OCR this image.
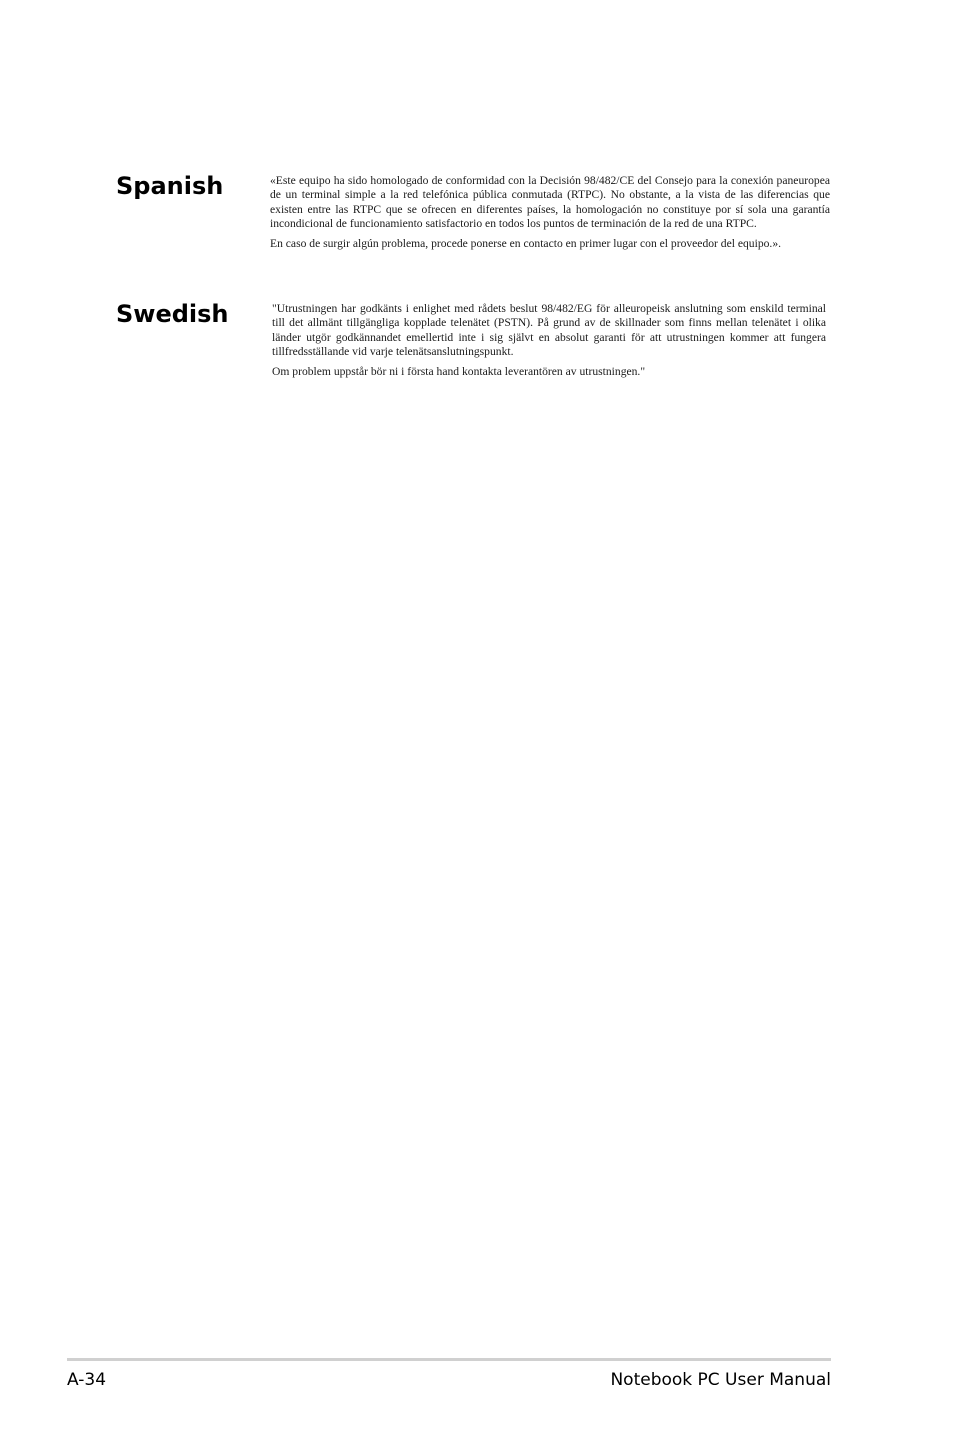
Spanish	«Este equipo ha sido homologado de conformidad con la Decisión 98/482/CE del Consejo para la conexión paneuropea de un terminal simple a la red telefónica pública conmutada (RTPC). No obstante, a la vista de las diferencias que existen entre las RTPC que se ofrecen en diferentes países, la homologación no constituye por sí sola una garantía incondicional de funcionamiento satisfactorio en todos los puntos de terminación de la red de una RTPC.

En caso de surgir algún problema, procede ponerse en contacto en primer lugar con el proveedor del equipo.».

Swedish	"Utrustningen har godkänts i enlighet med rådets beslut 98/482/EG för alleuropeisk anslutning som enskild terminal till det allmänt tillgängliga kopplade telenätet (PSTN). På grund av de skillnader som finns mellan telenätet i olika länder utgör godkännandet emellertid inte i sig självt en absolut garanti för att utrustningen kommer att fungera tillfredsställande vid varje telenätsanslutningspunkt.

Om problem uppstår bör ni i första hand kontakta leverantören av utrustningen."

A-34	Notebook PC User Manual
